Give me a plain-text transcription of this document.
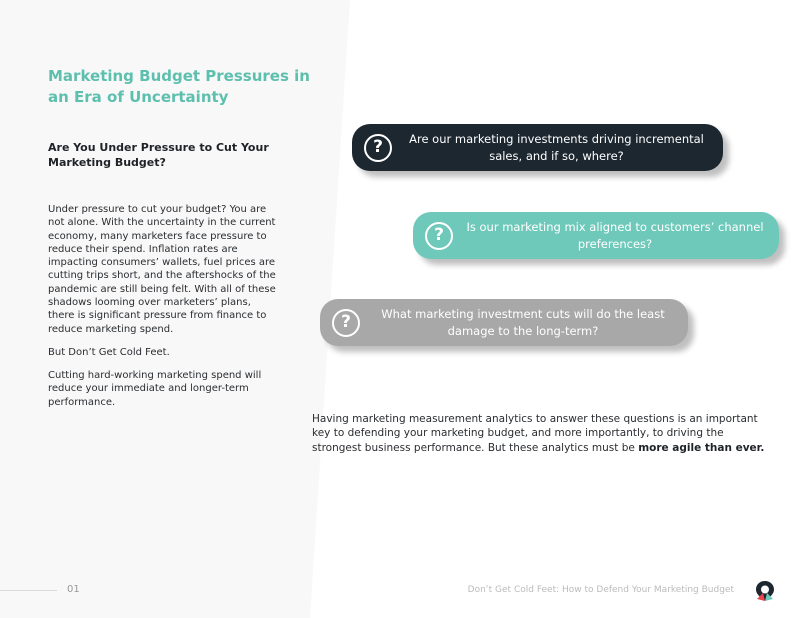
Marketing Budget Pressures in an Era of Uncertainty
Are You Under Pressure to Cut Your Marketing Budget?

Under pressure to cut your budget? You are not alone. With the uncertainty in the current economy, many marketers face pressure to reduce their spend. Inflation rates are impacting consumers’ wallets, fuel prices are cutting trips short, and the aftershocks of the pandemic are still being felt. With all of these shadows looming over marketers’ plans, there is significant pressure from finance to reduce marketing spend.

But Don’t Get Cold Feet.

Cutting hard-working marketing spend will reduce your immediate and longer-term performance.

?	Are our marketing investments driving incremental sales, and if so, where?
?	Is our marketing mix aligned to customers’ channel preferences?
?	What marketing investment cuts will do the least damage to the long-term?

Having marketing measurement analytics to answer these questions is an important key to defending your marketing budget, and more importantly, to driving the strongest business performance. But these analytics must be more agile than ever.

01	Don’t Get Cold Feet: How to Defend Your Marketing Budget
